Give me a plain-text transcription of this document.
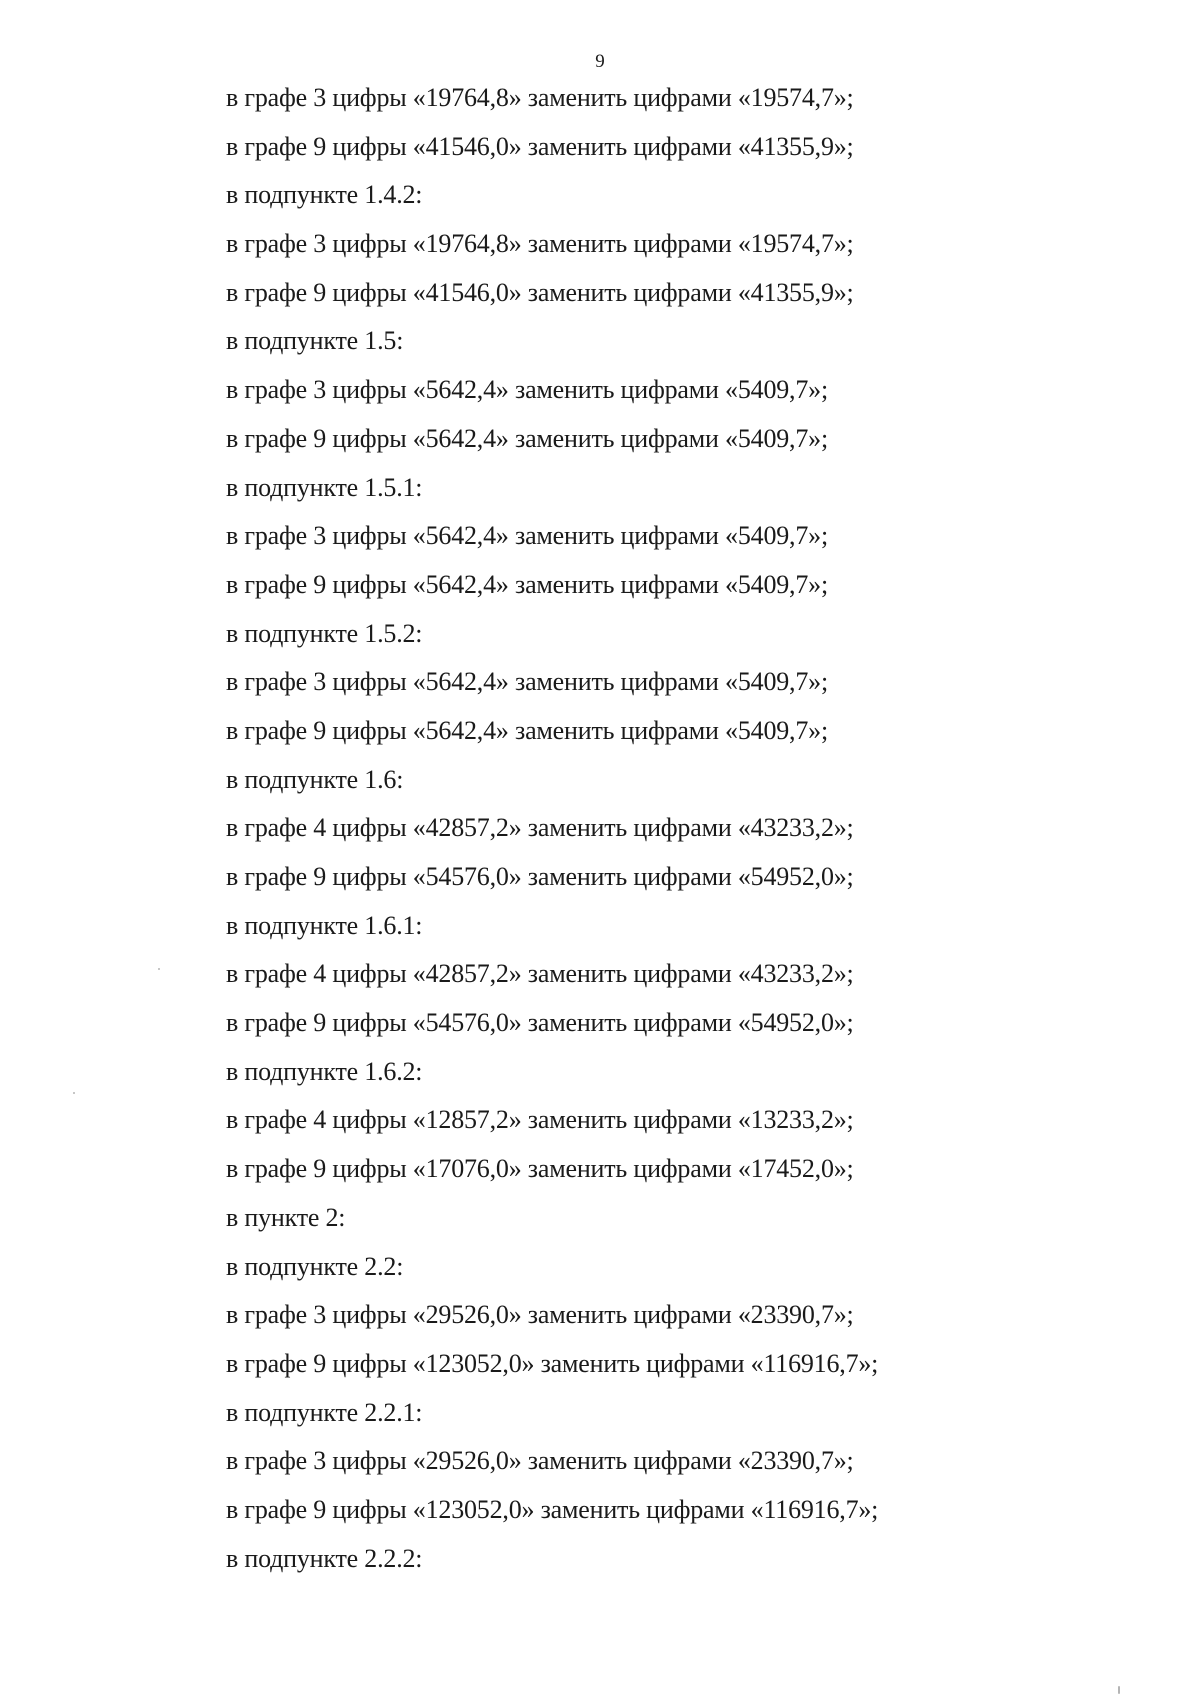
9
в графе 3 цифры «19764,8» заменить цифрами «19574,7»;
в графе 9 цифры «41546,0» заменить цифрами «41355,9»;
в подпункте 1.4.2:
в графе 3 цифры «19764,8» заменить цифрами «19574,7»;
в графе 9 цифры «41546,0» заменить цифрами «41355,9»;
в подпункте 1.5:
в графе 3 цифры «5642,4» заменить цифрами «5409,7»;
в графе 9 цифры «5642,4» заменить цифрами «5409,7»;
в подпункте 1.5.1:
в графе 3 цифры «5642,4» заменить цифрами «5409,7»;
в графе 9 цифры «5642,4» заменить цифрами «5409,7»;
в подпункте 1.5.2:
в графе 3 цифры «5642,4» заменить цифрами «5409,7»;
в графе 9 цифры «5642,4» заменить цифрами «5409,7»;
в подпункте 1.6:
в графе 4 цифры «42857,2» заменить цифрами «43233,2»;
в графе 9 цифры «54576,0» заменить цифрами «54952,0»;
в подпункте 1.6.1:
в графе 4 цифры «42857,2» заменить цифрами «43233,2»;
в графе 9 цифры «54576,0» заменить цифрами «54952,0»;
в подпункте 1.6.2:
в графе 4 цифры «12857,2» заменить цифрами «13233,2»;
в графе 9 цифры «17076,0» заменить цифрами «17452,0»;
в пункте 2:
в подпункте 2.2:
в графе 3 цифры «29526,0» заменить цифрами «23390,7»;
в графе 9 цифры «123052,0» заменить цифрами «116916,7»;
в подпункте 2.2.1:
в графе 3 цифры «29526,0» заменить цифрами «23390,7»;
в графе 9 цифры «123052,0» заменить цифрами «116916,7»;
в подпункте 2.2.2:
